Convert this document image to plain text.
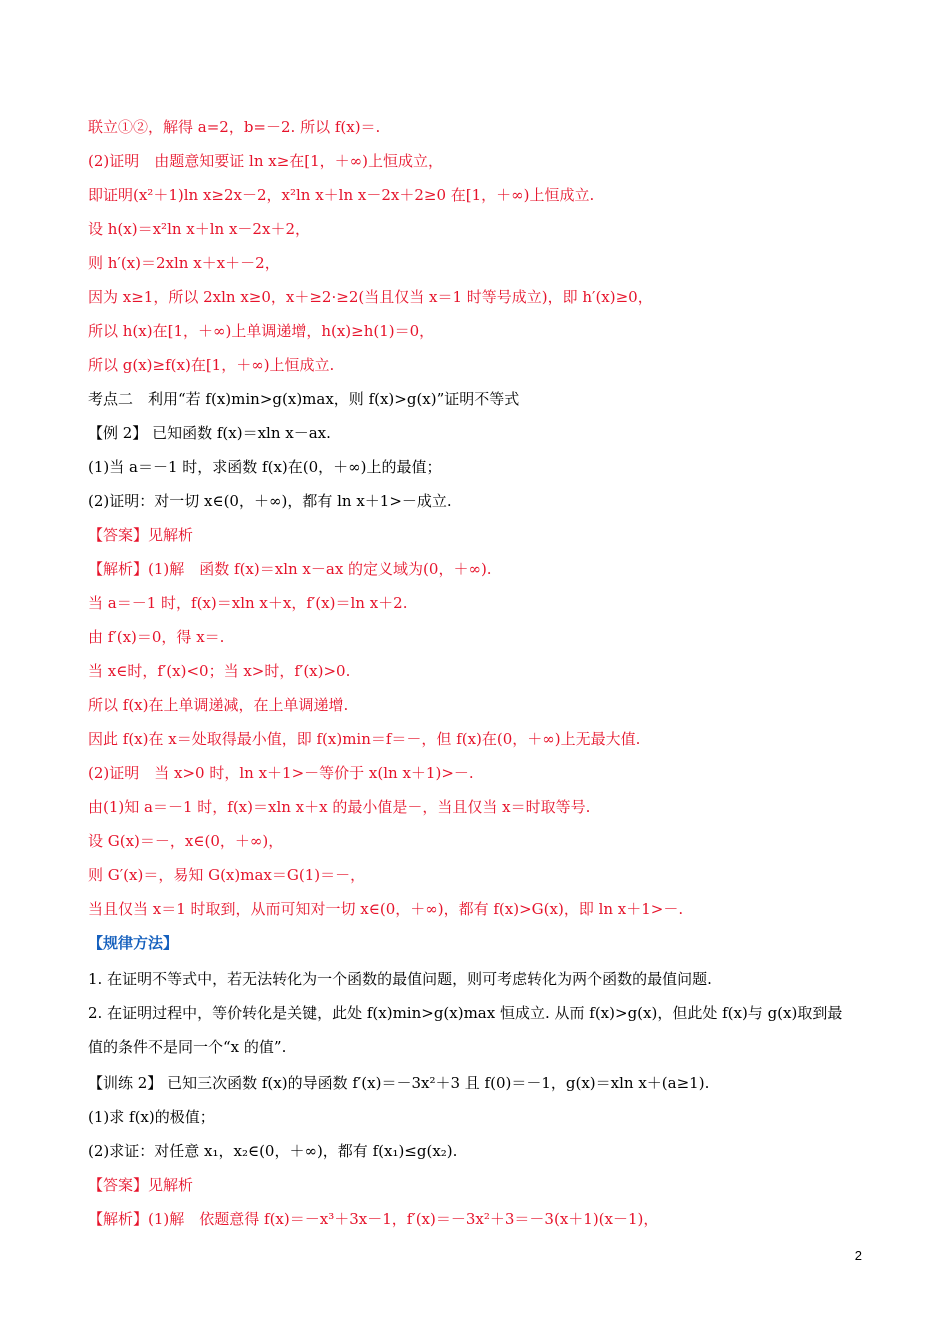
联立①②，解得 a=2，b=－2. 所以 f(x)＝.
(2)证明　由题意知要证 ln x≥在[1，＋∞)上恒成立，
即证明(x²＋1)ln x≥2x－2，x²ln x＋ln x－2x＋2≥0 在[1，＋∞)上恒成立.
设 h(x)＝x²ln x＋ln x－2x＋2，
则 h′(x)＝2xln x＋x＋－2，
因为 x≥1，所以 2xln x≥0，x＋≥2·≥2(当且仅当 x＝1 时等号成立)，即 h′(x)≥0，
所以 h(x)在[1，＋∞)上单调递增，h(x)≥h(1)＝0，
所以 g(x)≥f(x)在[1，＋∞)上恒成立.
考点二　利用“若 f(x)min>g(x)max，则 f(x)>g(x)”证明不等式
【例 2】 已知函数 f(x)＝xln x－ax.
(1)当 a＝－1 时，求函数 f(x)在(0，＋∞)上的最值；
(2)证明：对一切 x∈(0，＋∞)，都有 ln x＋1>－成立.
【答案】见解析
【解析】(1)解　函数 f(x)＝xln x－ax 的定义域为(0，＋∞).
当 a＝－1 时，f(x)＝xln x＋x，f′(x)＝ln x＋2.
由 f′(x)＝0，得 x＝.
当 x∈时，f′(x)<0；当 x>时，f′(x)>0.
所以 f(x)在上单调递减，在上单调递增.
因此 f(x)在 x＝处取得最小值，即 f(x)min＝f＝－，但 f(x)在(0，＋∞)上无最大值.
(2)证明　当 x>0 时，ln x＋1>－等价于 x(ln x＋1)>－.
由(1)知 a＝－1 时，f(x)＝xln x＋x 的最小值是－，当且仅当 x＝时取等号.
设 G(x)＝－，x∈(0，＋∞)，
则 G′(x)＝，易知 G(x)max＝G(1)＝－，
当且仅当 x＝1 时取到，从而可知对一切 x∈(0，＋∞)，都有 f(x)>G(x)，即 ln x＋1>－.
【规律方法】
1. 在证明不等式中，若无法转化为一个函数的最值问题，则可考虑转化为两个函数的最值问题.
2. 在证明过程中，等价转化是关键，此处 f(x)min>g(x)max 恒成立. 从而 f(x)>g(x)，但此处 f(x)与 g(x)取到最
值的条件不是同一个“x 的值”.
【训练 2】 已知三次函数 f(x)的导函数 f′(x)＝－3x²＋3 且 f(0)＝－1，g(x)＝xln x＋(a≥1).
(1)求 f(x)的极值；
(2)求证：对任意 x₁，x₂∈(0，＋∞)，都有 f(x₁)≤g(x₂).
【答案】见解析
【解析】(1)解　依题意得 f(x)＝－x³＋3x－1，f′(x)＝－3x²＋3＝－3(x＋1)(x－1)，
2
